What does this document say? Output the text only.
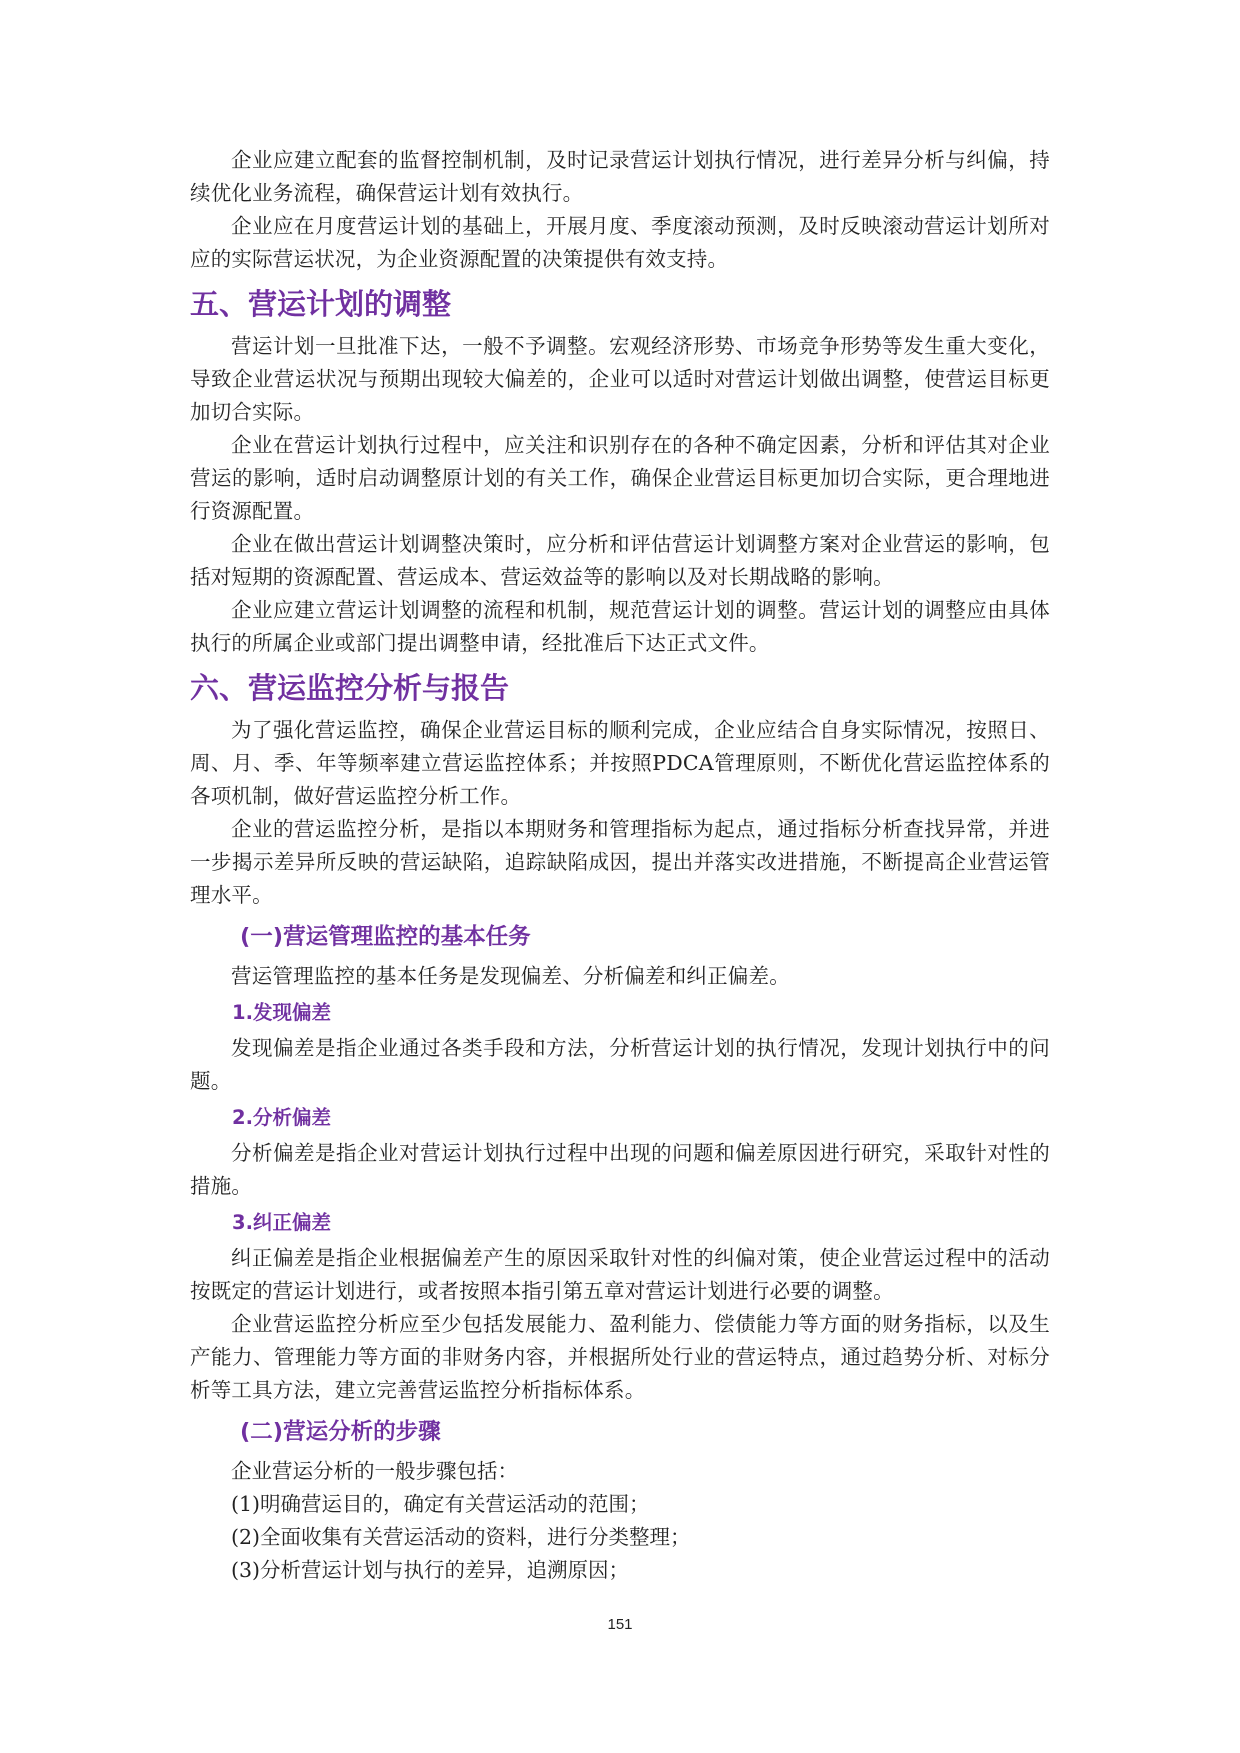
企业应建立配套的监督控制机制，及时记录营运计划执行情况，进行差异分析与纠偏，持续优化业务流程，确保营运计划有效执行。

企业应在月度营运计划的基础上，开展月度、季度滚动预测，及时反映滚动营运计划所对应的实际营运状况，为企业资源配置的决策提供有效支持。

五、营运计划的调整

营运计划一旦批准下达，一般不予调整。宏观经济形势、市场竞争形势等发生重大变化，导致企业营运状况与预期出现较大偏差的，企业可以适时对营运计划做出调整，使营运目标更加切合实际。

企业在营运计划执行过程中，应关注和识别存在的各种不确定因素，分析和评估其对企业营运的影响，适时启动调整原计划的有关工作，确保企业营运目标更加切合实际，更合理地进行资源配置。

企业在做出营运计划调整决策时，应分析和评估营运计划调整方案对企业营运的影响，包括对短期的资源配置、营运成本、营运效益等的影响以及对长期战略的影响。

企业应建立营运计划调整的流程和机制，规范营运计划的调整。营运计划的调整应由具体执行的所属企业或部门提出调整申请，经批准后下达正式文件。

六、营运监控分析与报告

为了强化营运监控，确保企业营运目标的顺利完成，企业应结合自身实际情况，按照日、周、月、季、年等频率建立营运监控体系；并按照PDCA管理原则，不断优化营运监控体系的各项机制，做好营运监控分析工作。

企业的营运监控分析，是指以本期财务和管理指标为起点，通过指标分析查找异常，并进一步揭示差异所反映的营运缺陷，追踪缺陷成因，提出并落实改进措施，不断提高企业营运管理水平。

(一)营运管理监控的基本任务

营运管理监控的基本任务是发现偏差、分析偏差和纠正偏差。

1.发现偏差

发现偏差是指企业通过各类手段和方法，分析营运计划的执行情况，发现计划执行中的问题。

2.分析偏差

分析偏差是指企业对营运计划执行过程中出现的问题和偏差原因进行研究，采取针对性的措施。

3.纠正偏差

纠正偏差是指企业根据偏差产生的原因采取针对性的纠偏对策，使企业营运过程中的活动按既定的营运计划进行，或者按照本指引第五章对营运计划进行必要的调整。

企业营运监控分析应至少包括发展能力、盈利能力、偿债能力等方面的财务指标，以及生产能力、管理能力等方面的非财务内容，并根据所处行业的营运特点，通过趋势分析、对标分析等工具方法，建立完善营运监控分析指标体系。

(二)营运分析的步骤

企业营运分析的一般步骤包括：

(1)明确营运目的，确定有关营运活动的范围；

(2)全面收集有关营运活动的资料，进行分类整理；

(3)分析营运计划与执行的差异，追溯原因；

151
